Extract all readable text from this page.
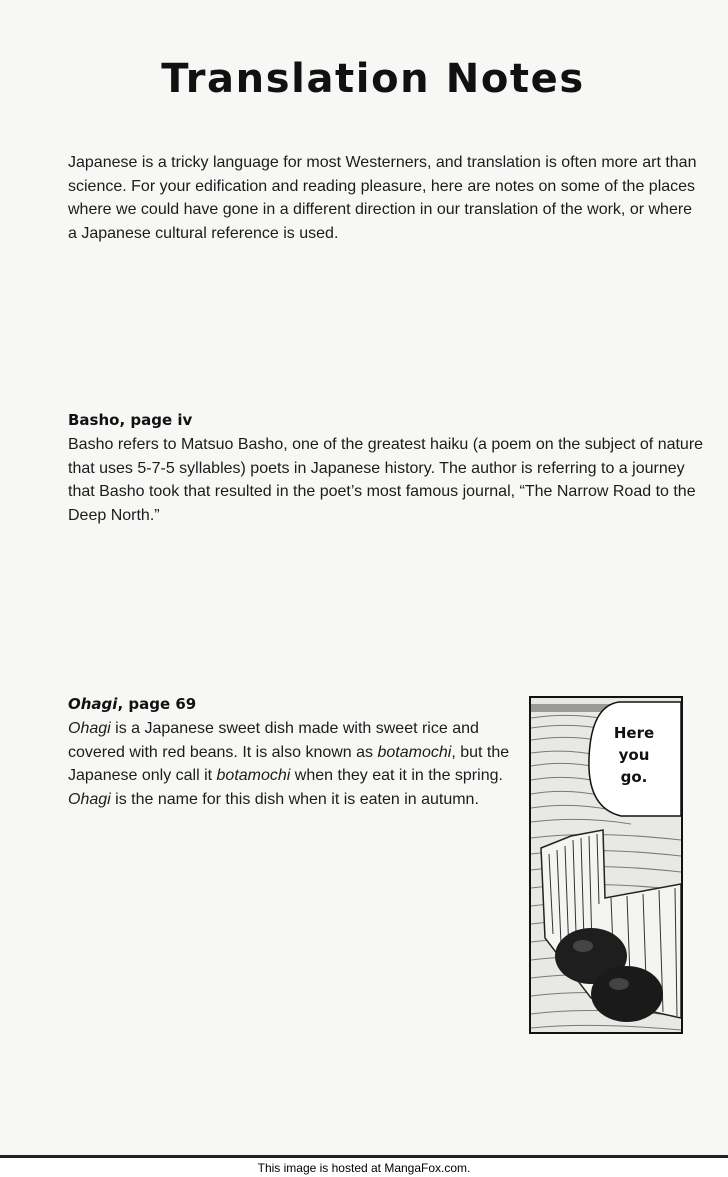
Translation Notes

Japanese is a tricky language for most Westerners, and translation is often more art than science. For your edification and reading pleasure, here are notes on some of the places where we could have gone in a different direction in our translation of the work, or where a Japanese cultural reference is used.

Basho, page iv

Basho refers to Matsuo Basho, one of the greatest haiku (a poem on the subject of nature that uses 5-7-5 syllables) poets in Japanese history. The author is referring to a journey that Basho took that resulted in the poet’s most famous journal, “The Narrow Road to the Deep North.”

Ohagi, page 69

Ohagi is a Japanese sweet dish made with sweet rice and covered with red beans. It is also known as botamochi, but the Japanese only call it botamochi when they eat it in the spring. Ohagi is the name for this dish when it is eaten in autumn.

Here
you
go.
This image is hosted at MangaFox.com.
